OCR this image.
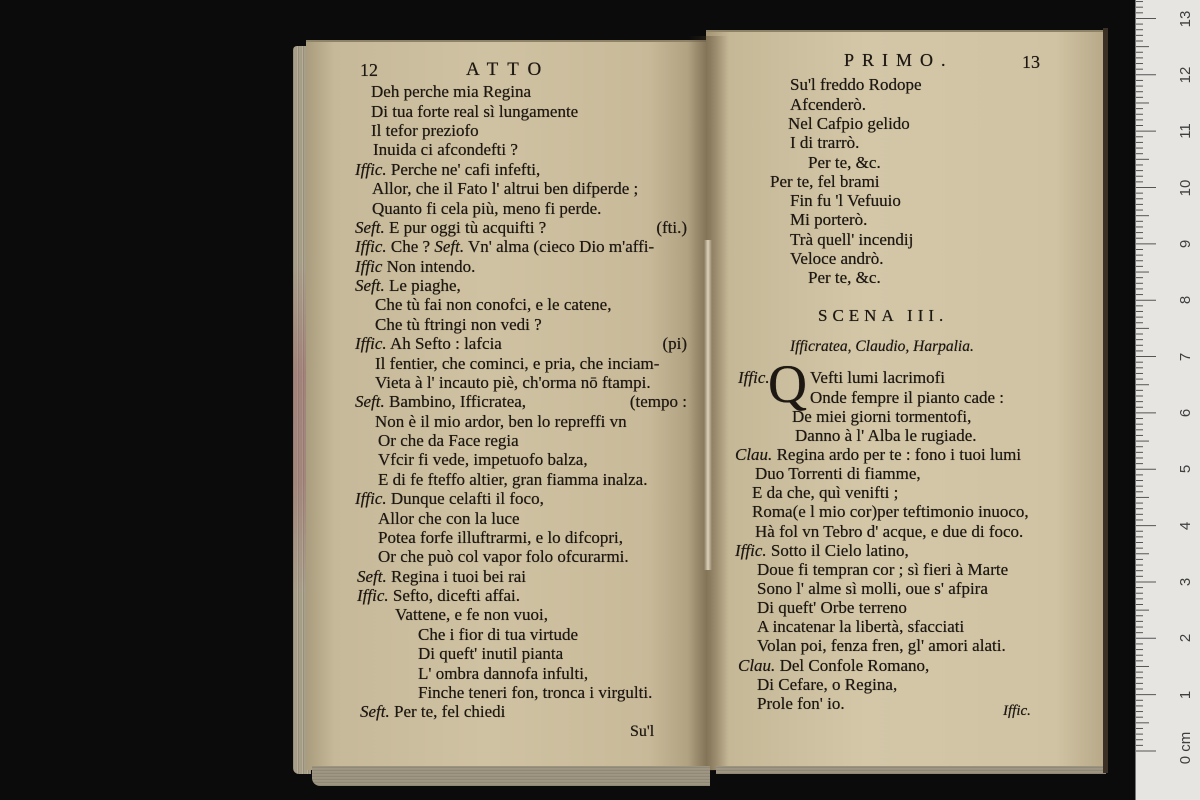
12	ATTO
Deh perche mia Regina
Di tua forte real sì lungamente
Il tefor preziofo
Inuida ci afcondefti ?
Iffic. Perche ne' cafi infefti,
Allor, che il Fato l' altrui ben difperde ;
Quanto fi cela più, meno fi perde.
Seft. E pur oggi tù acquifti ?	(fti.)
Iffic. Che ? Seft. Vn' alma (cieco Dio m'affi-
Iffic Non intendo.
Seft. Le piaghe,
Che tù fai non conofci, e le catene,
Che tù ftringi non vedi ?
Iffic. Ah Sefto : lafcia	(pi)
Il fentier, che cominci, e pria, che inciam-
Vieta à l' incauto piè, ch'orma nō ftampi.
Seft. Bambino, Ifficratea,	(tempo :
Non è il mio ardor, ben lo repreffi vn
Or che da Face regia
Vfcir fi vede, impetuofo balza,
E di fe fteffo altier, gran fiamma inalza.
Iffic. Dunque celafti il foco,
Allor che con la luce
Potea forfe illuftrarmi, e lo difcopri,
Or che può col vapor folo ofcurarmi.
Seft. Regina i tuoi bei rai
Iffic. Sefto, dicefti affai.
Vattene, e fe non vuoi,
Che i fior di tua virtude
Di queft' inutil pianta
L' ombra dannofa infulti,
Finche teneri fon, tronca i virgulti.
Seft. Per te, fel chiedi
Su'l
PRIMO.	13
Su'l freddo Rodope
Afcenderò.
Nel Cafpio gelido
I di trarrò.
Per te, &c.
Per te, fel brami
Fin fu 'l Vefuuio
Mi porterò.
Trà quell' incendij
Veloce andrò.
Per te, &c.
SCENA III.
Ifficratea, Claudio, Harpalia.
Q
Iffic. Vefti lumi lacrimofi
Onde fempre il pianto cade :
De miei giorni tormentofi,
Danno à l' Alba le rugiade.
Clau. Regina ardo per te : fono i tuoi lumi
Duo Torrenti di fiamme,
E da che, quì venifti ;
Roma(e l mio cor)per teftimonio inuoco,
Hà fol vn Tebro d' acque, e due di foco.
Iffic. Sotto il Cielo latino,
Doue fi tempran cor ; sì fieri à Marte
Sono l' alme sì molli, oue s' afpira
Di queft' Orbe terreno
A incatenar la libertà, sfacciati
Volan poi, fenza fren, gl' amori alati.
Clau. Del Confole Romano,
Di Cefare, o Regina,
Prole fon' io.	Iffic.
0 cm
1
2
3
4
5
6
7
8
9
10
11
12
13
